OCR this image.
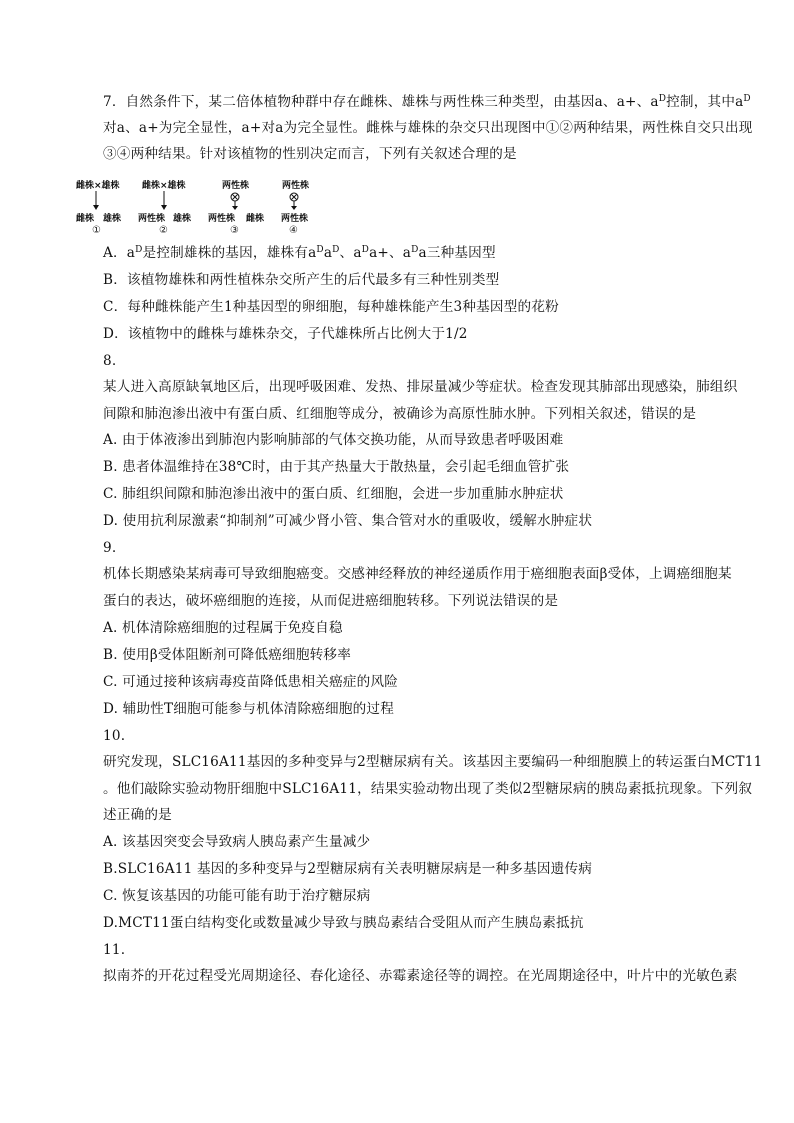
7．自然条件下，某二倍体植物种群中存在雌株、雄株与两性株三种类型，由基因a、a+、$a^D$控制，其中$a^D$
对a、a+为完全显性，a+对a为完全显性。雌株与雄株的杂交只出现图中①②两种结果，两性株自交只出现
③④两种结果。针对该植物的性别决定而言，下列有关叙述合理的是
雌株×雄株
雌株 雄株
①
雌株×雄株
两性株 雄株
②
两性株
两性株 雌株
③
两性株
两性株
④
A．$a^D$是控制雄株的基因，雄株有$a^Da^D$、$a^Da+$、$a^Da$三种基因型
B．该植物雄株和两性植株杂交所产生的后代最多有三种性别类型
C．每种雌株能产生1种基因型的卵细胞，每种雄株能产生3种基因型的花粉
D．该植物中的雌株与雄株杂交，子代雄株所占比例大于1/2
8.
某人进入高原缺氧地区后，出现呼吸困难、发热、排尿量减少等症状。检查发现其肺部出现感染，肺组织
间隙和肺泡渗出液中有蛋白质、红细胞等成分，被确诊为高原性肺水肿。下列相关叙述，错误的是
A. 由于体液渗出到肺泡内影响肺部的气体交换功能，从而导致患者呼吸困难
B. 患者体温维持在38℃时，由于其产热量大于散热量，会引起毛细血管扩张
C. 肺组织间隙和肺泡渗出液中的蛋白质、红细胞，会进一步加重肺水肿症状
D. 使用抗利尿激素“抑制剂”可减少肾小管、集合管对水的重吸收，缓解水肿症状
9.
机体长期感染某病毒可导致细胞癌变。交感神经释放的神经递质作用于癌细胞表面β受体，上调癌细胞某
蛋白的表达，破坏癌细胞的连接，从而促进癌细胞转移。下列说法错误的是
A. 机体清除癌细胞的过程属于免疫自稳
B. 使用β受体阻断剂可降低癌细胞转移率
C. 可通过接种该病毒疫苗降低患相关癌症的风险
D. 辅助性T细胞可能参与机体清除癌细胞的过程
10.
研究发现，SLC16A11基因的多种变异与2型糖尿病有关。该基因主要编码一种细胞膜上的转运蛋白MCT11
。他们敲除实验动物肝细胞中SLC16A11，结果实验动物出现了类似2型糖尿病的胰岛素抵抗现象。下列叙
述正确的是
A. 该基因突变会导致病人胰岛素产生量减少
B.SLC16A11 基因的多种变异与2型糖尿病有关表明糖尿病是一种多基因遗传病
C. 恢复该基因的功能可能有助于治疗糖尿病
D.MCT11蛋白结构变化或数量减少导致与胰岛素结合受阻从而产生胰岛素抵抗
11.
拟南芥的开花过程受光周期途径、春化途径、赤霉素途径等的调控。在光周期途径中，叶片中的光敏色素
